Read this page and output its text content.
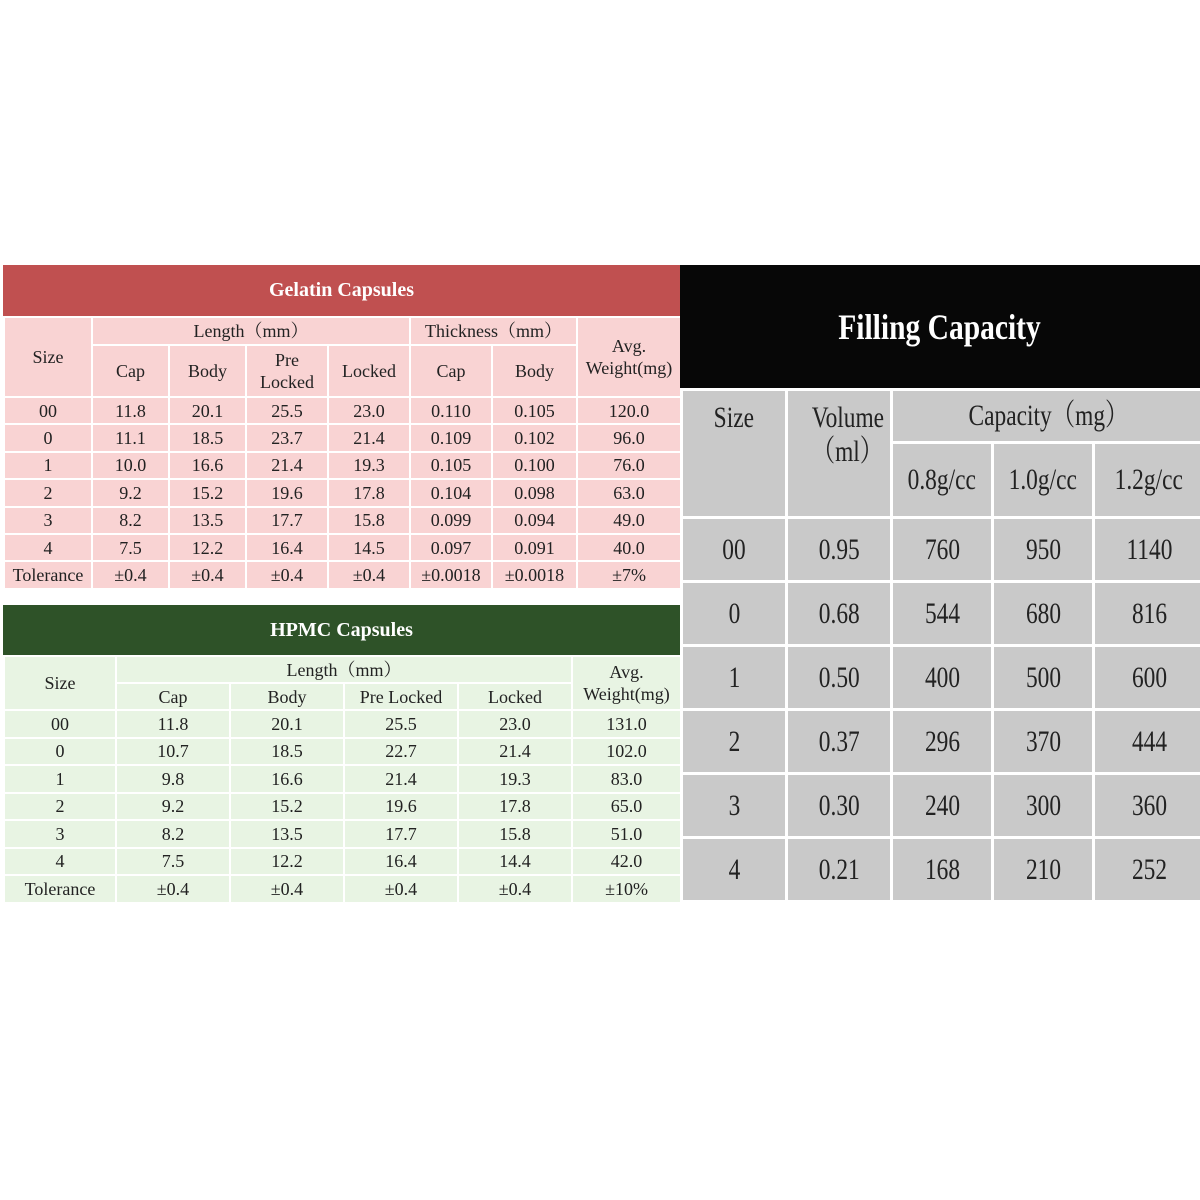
Gelatin Capsules
Size	Length（mm）				Thickness（mm）		Avg. Weight(mg)
	Cap	Body	Pre Locked	Locked	Cap	Body	
00	11.8	20.1	25.5	23.0	0.110	0.105	120.0
0	11.1	18.5	23.7	21.4	0.109	0.102	96.0
1	10.0	16.6	21.4	19.3	0.105	0.100	76.0
2	9.2	15.2	19.6	17.8	0.104	0.098	63.0
3	8.2	13.5	17.7	15.8	0.099	0.094	49.0
4	7.5	12.2	16.4	14.5	0.097	0.091	40.0
Tolerance	±0.4	±0.4	±0.4	±0.4	±0.0018	±0.0018	±7%
HPMC Capsules
Size	Length（mm）				Avg. Weight(mg)
	Cap	Body	Pre Locked	Locked	
00	11.8	20.1	25.5	23.0	131.0
0	10.7	18.5	22.7	21.4	102.0
1	9.8	16.6	21.4	19.3	83.0
2	9.2	15.2	19.6	17.8	65.0
3	8.2	13.5	17.7	15.8	51.0
4	7.5	12.2	16.4	14.4	42.0
Tolerance	±0.4	±0.4	±0.4	±0.4	±10%
Filling Capacity
Size	Volume （ml）	Capacity（mg）		
		0.8g/cc	1.0g/cc	1.2g/cc
00	0.95	760	950	1140
0	0.68	544	680	816
1	0.50	400	500	600
2	0.37	296	370	444
3	0.30	240	300	360
4	0.21	168	210	252
